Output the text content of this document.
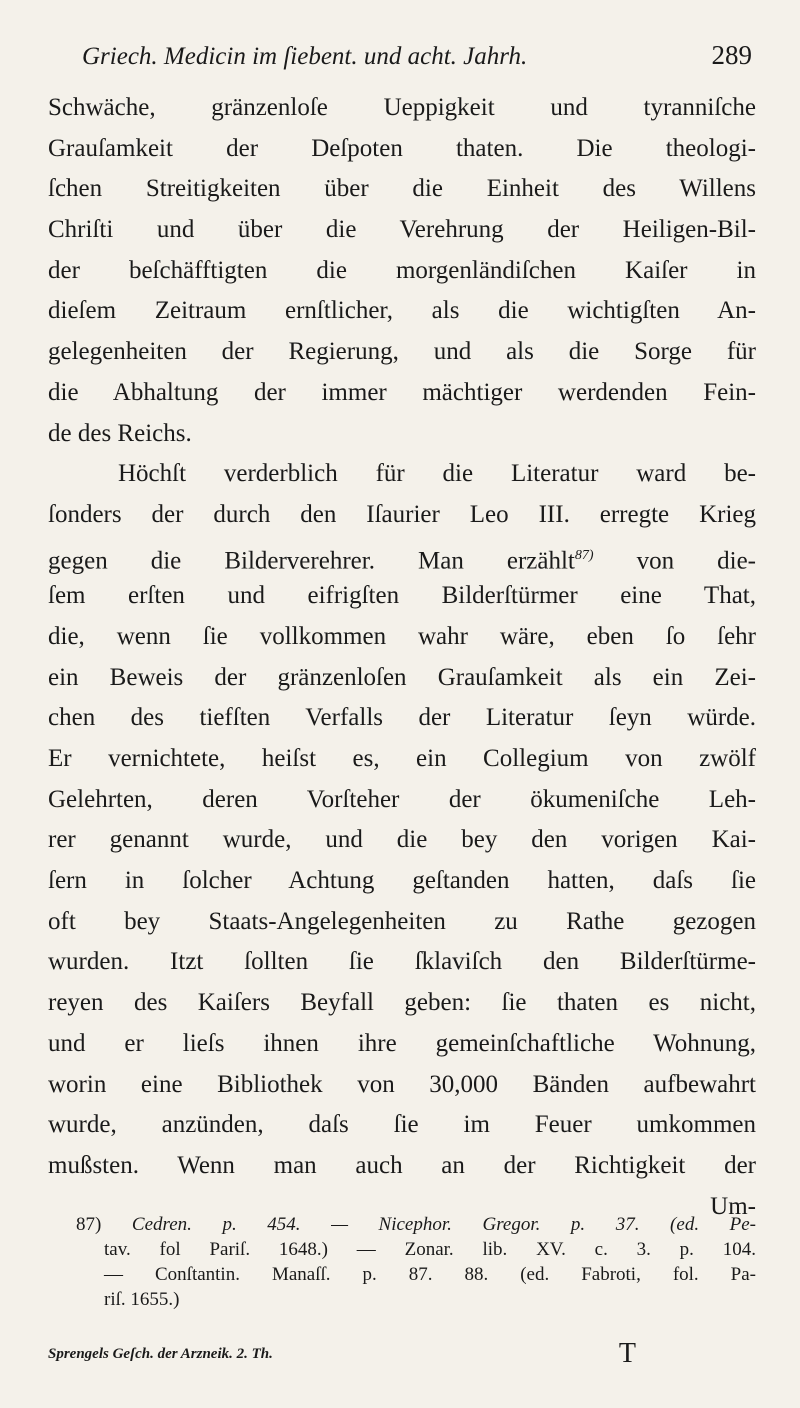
Griech. Medicin im ſiebent. und acht. Jahrh.	289
Schwäche, gränzenloſe Ueppigkeit und tyranniſche
Grauſamkeit der Deſpoten thaten. Die theologi-
ſchen Streitigkeiten über die Einheit des Willens
Chriſti und über die Verehrung der Heiligen-Bil-
der beſchäfftigten die morgenländiſchen Kaiſer in
dieſem Zeitraum ernſtlicher, als die wichtigſten An-
gelegenheiten der Regierung, und als die Sorge für
die Abhaltung der immer mächtiger werdenden Fein-
de des Reichs.
Höchſt verderblich für die Literatur ward be-
ſonders der durch den Iſaurier Leo III. erregte Krieg
gegen die Bilderverehrer. Man erzählt$^{87)}$ von die-
ſem erſten und eifrigſten Bilderſtürmer eine That,
die, wenn ſie vollkommen wahr wäre, eben ſo ſehr
ein Beweis der gränzenloſen Grauſamkeit als ein Zei-
chen des tiefſten Verfalls der Literatur ſeyn würde.
Er vernichtete, heiſst es, ein Collegium von zwölf
Gelehrten, deren Vorſteher der ökumeniſche Leh-
rer genannt wurde, und die bey den vorigen Kai-
ſern in ſolcher Achtung geſtanden hatten, daſs ſie
oft bey Staats-Angelegenheiten zu Rathe gezogen
wurden. Itzt ſollten ſie ſklaviſch den Bilderſtürme-
reyen des Kaiſers Beyfall geben: ſie thaten es nicht,
und er lieſs ihnen ihre gemeinſchaftliche Wohnung,
worin eine Bibliothek von 30,000 Bänden aufbewahrt
wurde, anzünden, daſs ſie im Feuer umkommen
mußsten. Wenn man auch an der Richtigkeit der
Um-
87) Cedren. p. 454. — Nicephor. Gregor. p. 37. (ed. Pe-
tav. fol Pariſ. 1648.) — Zonar. lib. XV. c. 3. p. 104.
— Conſtantin. Manaſſ. p. 87. 88. (ed. Fabroti, fol. Pa-
riſ. 1655.)
Sprengels Geſch. der Arzneik. 2. Th.	T
